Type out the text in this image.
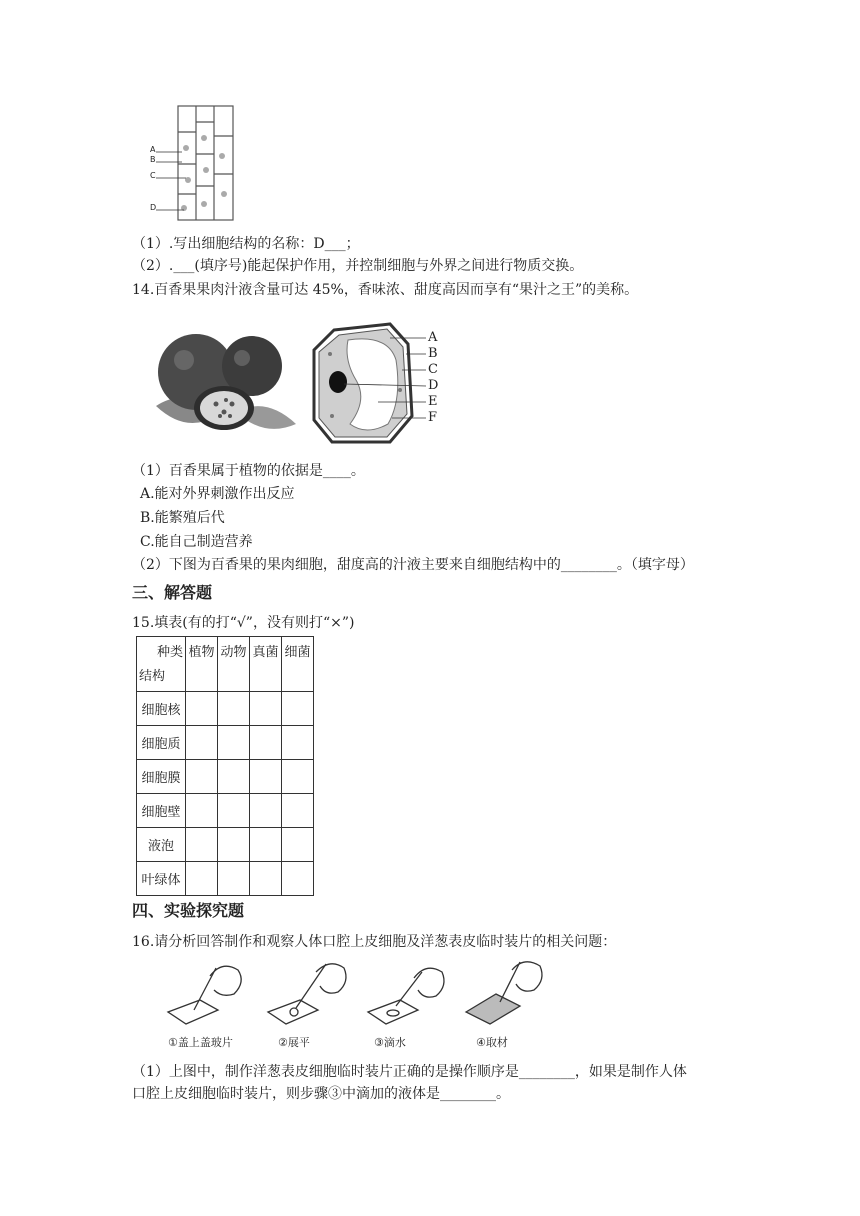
A
B
C
D
（1）.写出细胞结构的名称：D___；
（2）.___(填序号)能起保护作用，并控制细胞与外界之间进行物质交换。
14.百香果果肉汁液含量可达 45%，香味浓、甜度高因而享有“果汁之王”的美称。
A
B
C
D
E
F
（1）百香果属于植物的依据是____。
A.能对外界刺激作出反应
B.能繁殖后代
C.能自己制造营养
（2）下图为百香果的果肉细胞，甜度高的汁液主要来自细胞结构中的________。（填字母）
三、解答题
15.填表(有的打“√”，没有则打“×”)
种类
结构	植物	动物	真菌	细菌
细胞核				
细胞质				
细胞膜				
细胞壁				
液泡				
叶绿体				
四、实验探究题
16.请分析回答制作和观察人体口腔上皮细胞及洋葱表皮临时装片的相关问题：
①盖上盖玻片	②展平	③滴水	④取材
（1）上图中，制作洋葱表皮细胞临时装片正确的是操作顺序是________，如果是制作人体
口腔上皮细胞临时装片，则步骤③中滴加的液体是________。
